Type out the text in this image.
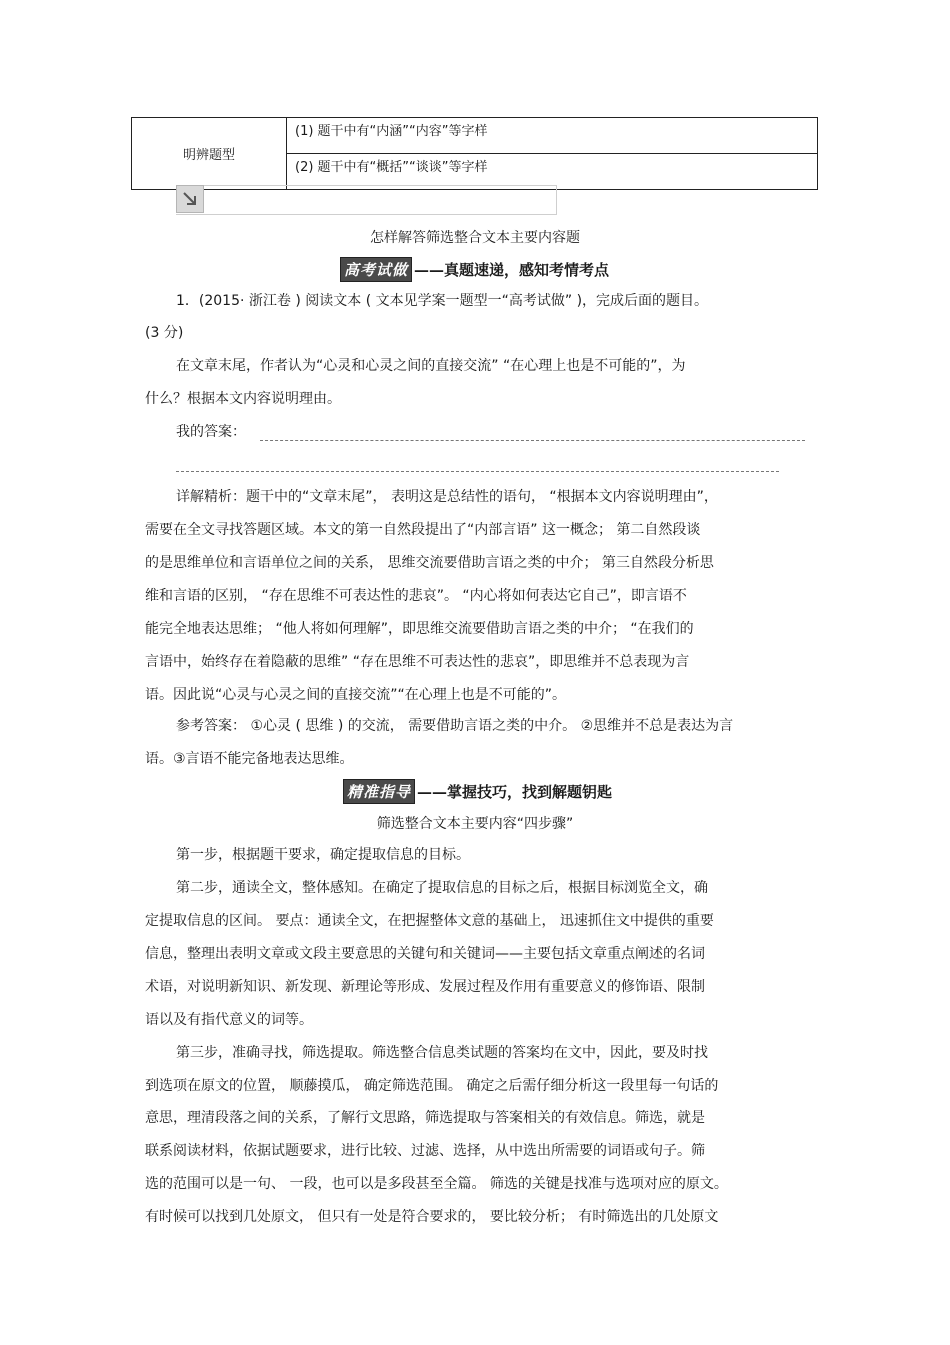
明辨题型	(1) 题干中有“内涵”“内容”等字样
(2) 题干中有“概括”“谈谈”等字样
怎样解答筛选整合文本主要内容题
高考试做 ——真题速递，感知考情考点
1．(2015· 浙江卷 ) 阅读文本 ( 文本见学案一题型一“高考试做” )，完成后面的题目。
(3 分)
在文章末尾，作者认为“心灵和心灵之间的直接交流” “在心理上也是不可能的”，为
什么？根据本文内容说明理由。
我的答案：
详解精析：题干中的“文章末尾”， 表明这是总结性的语句， “根据本文内容说明理由”，
需要在全文寻找答题区域。本文的第一自然段提出了“内部言语” 这一概念； 第二自然段谈
的是思维单位和言语单位之间的关系， 思维交流要借助言语之类的中介； 第三自然段分析思
维和言语的区别， “存在思维不可表达性的悲哀”。 “内心将如何表达它自己”，即言语不
能完全地表达思维； “他人将如何理解”，即思维交流要借助言语之类的中介； “在我们的
言语中，始终存在着隐蔽的思维” “存在思维不可表达性的悲哀”，即思维并不总表现为言
语。因此说“心灵与心灵之间的直接交流”“在心理上也是不可能的”。
参考答案： ①心灵 ( 思维 ) 的交流， 需要借助言语之类的中介。 ②思维并不总是表达为言
语。③言语不能完备地表达思维。
精准指导 ——掌握技巧，找到解题钥匙
筛选整合文本主要内容“四步骤”
第一步，根据题干要求，确定提取信息的目标。
第二步，通读全文，整体感知。在确定了提取信息的目标之后，根据目标浏览全文，确
定提取信息的区间。 要点：通读全文，在把握整体文意的基础上， 迅速抓住文中提供的重要
信息，整理出表明文章或文段主要意思的关键句和关键词——主要包括文章重点阐述的名词
术语，对说明新知识、新发现、新理论等形成、发展过程及作用有重要意义的修饰语、限制
语以及有指代意义的词等。
第三步，准确寻找，筛选提取。筛选整合信息类试题的答案均在文中，因此，要及时找
到选项在原文的位置， 顺藤摸瓜， 确定筛选范围。 确定之后需仔细分析这一段里每一句话的
意思，理清段落之间的关系，了解行文思路，筛选提取与答案相关的有效信息。筛选，就是
联系阅读材料，依据试题要求，进行比较、过滤、选择，从中选出所需要的词语或句子。筛
选的范围可以是一句、 一段，也可以是多段甚至全篇。 筛选的关键是找准与选项对应的原文。
有时候可以找到几处原文， 但只有一处是符合要求的， 要比较分析； 有时筛选出的几处原文
